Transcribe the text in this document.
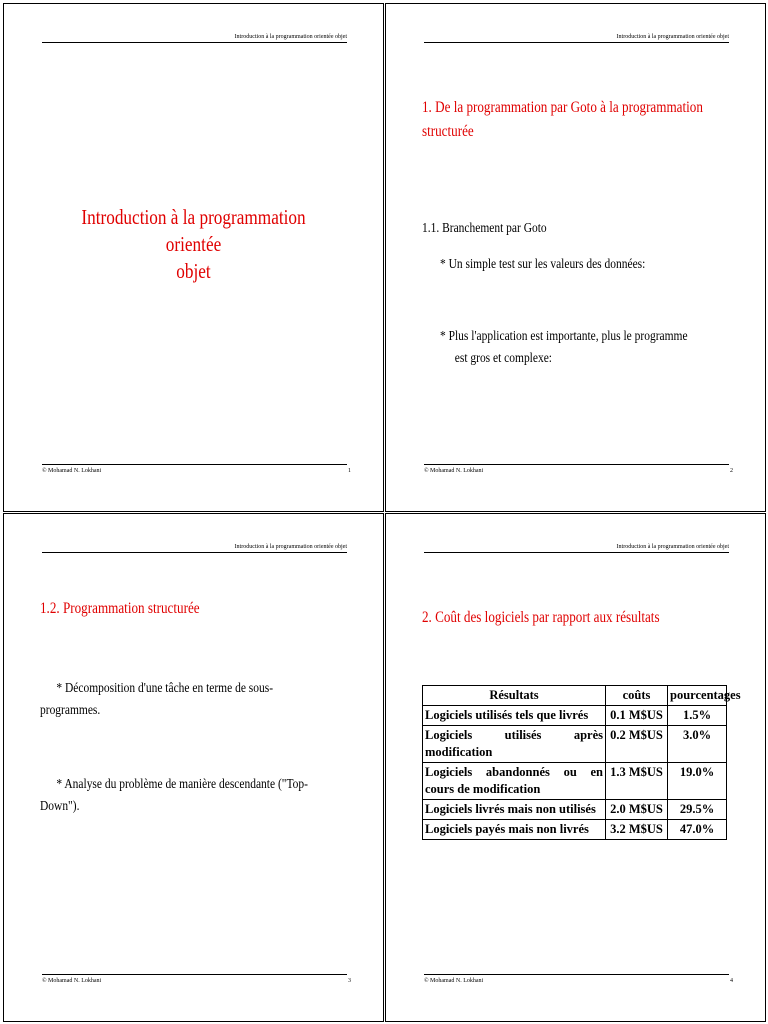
Introduction à la programmation orientée objet
Introduction à la programmation orientée
objet
© Mohamad N. Lokhani	1
Introduction à la programmation orientée objet
1. De la programmation par Goto à la programmation
structurée
1.1. Branchement par Goto
* Un simple test sur les valeurs des données:
* Plus l'application est importante, plus le programme
est gros et complexe:
© Mohamad N. Lokhani	2
Introduction à la programmation orientée objet
1.2. Programmation structurée
* Décomposition d'une tâche en terme de sous-
programmes.
* Analyse du problème de manière descendante ("Top-
Down").
© Mohamad N. Lokhani	3
Introduction à la programmation orientée objet
2. Coût des logiciels par rapport aux résultats
Résultats	coûts	pourcentages
Logiciels utilisés tels que livrés	0.1 M$US	1.5%
Logiciels utilisés après modification	0.2 M$US	3.0%
Logiciels abandonnés ou en cours de modification	1.3 M$US	19.0%
Logiciels livrés mais non utilisés	2.0 M$US	29.5%
Logiciels payés mais non livrés	3.2 M$US	47.0%
© Mohamad N. Lokhani	4
